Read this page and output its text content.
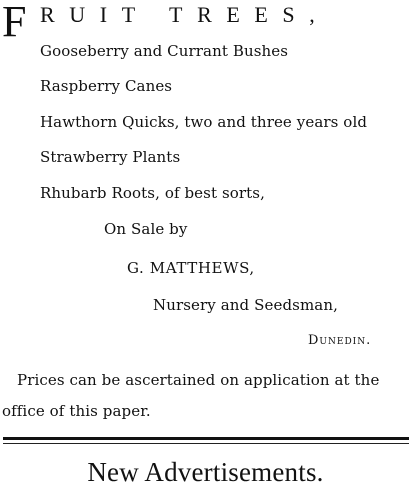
F RUIT TREES,
Gooseberry and Currant Bushes
Raspberry Canes
Hawthorn Quicks, two and three years old
Strawberry Plants
Rhubarb Roots, of best sorts,
On Sale by
G. MATTHEWS,
Nursery and Seedsman,
Dunedin.
Prices can be ascertained on application at the
office of this paper.
New Advertisements.
